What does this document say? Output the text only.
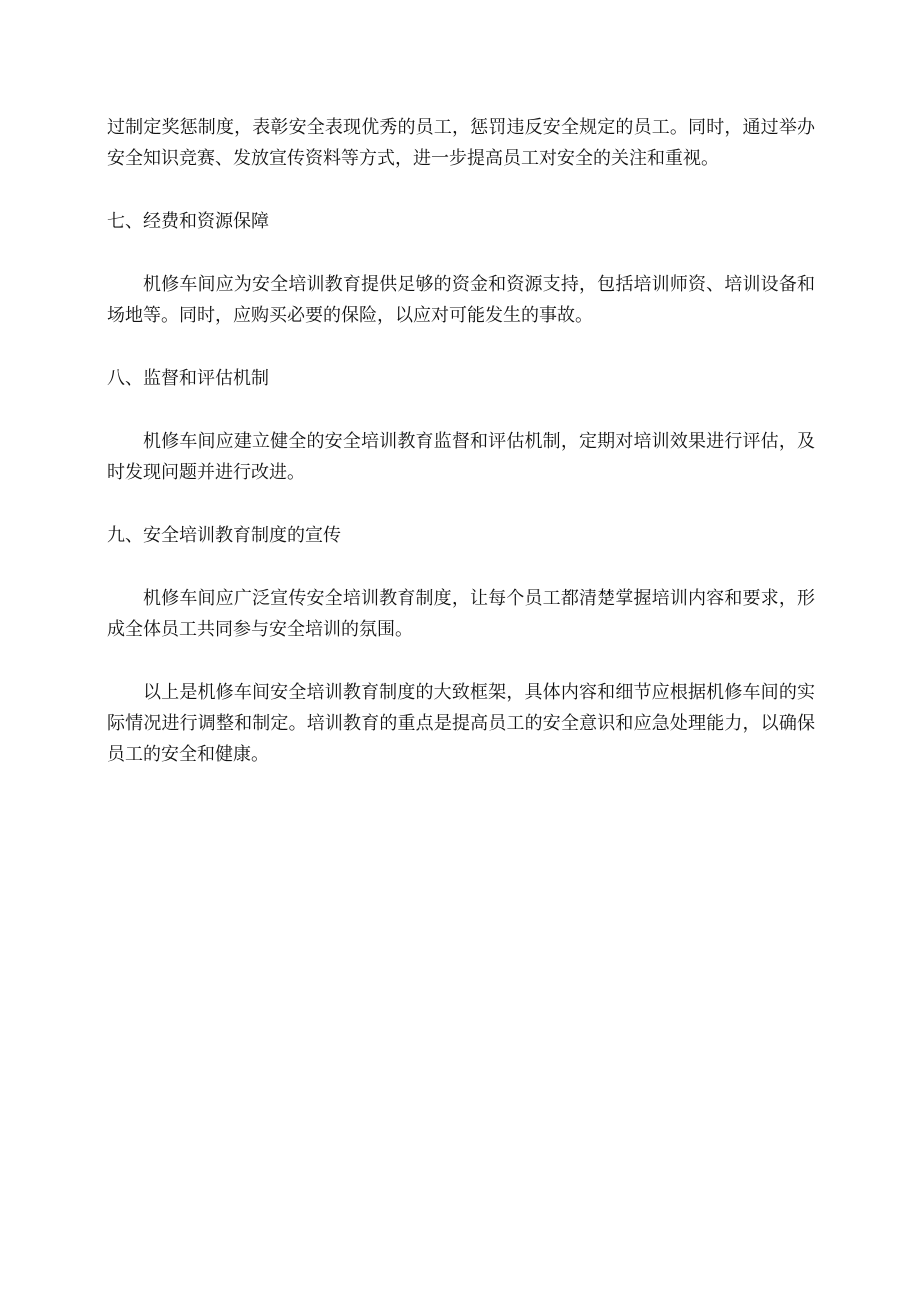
过制定奖惩制度，表彰安全表现优秀的员工，惩罚违反安全规定的员工。同时，通过举办安全知识竞赛、发放宣传资料等方式，进一步提高员工对安全的关注和重视。

七、经费和资源保障

机修车间应为安全培训教育提供足够的资金和资源支持，包括培训师资、培训设备和场地等。同时，应购买必要的保险，以应对可能发生的事故。

八、监督和评估机制

机修车间应建立健全的安全培训教育监督和评估机制，定期对培训效果进行评估，及时发现问题并进行改进。

九、安全培训教育制度的宣传

机修车间应广泛宣传安全培训教育制度，让每个员工都清楚掌握培训内容和要求，形成全体员工共同参与安全培训的氛围。

以上是机修车间安全培训教育制度的大致框架，具体内容和细节应根据机修车间的实际情况进行调整和制定。培训教育的重点是提高员工的安全意识和应急处理能力，以确保员工的安全和健康。
